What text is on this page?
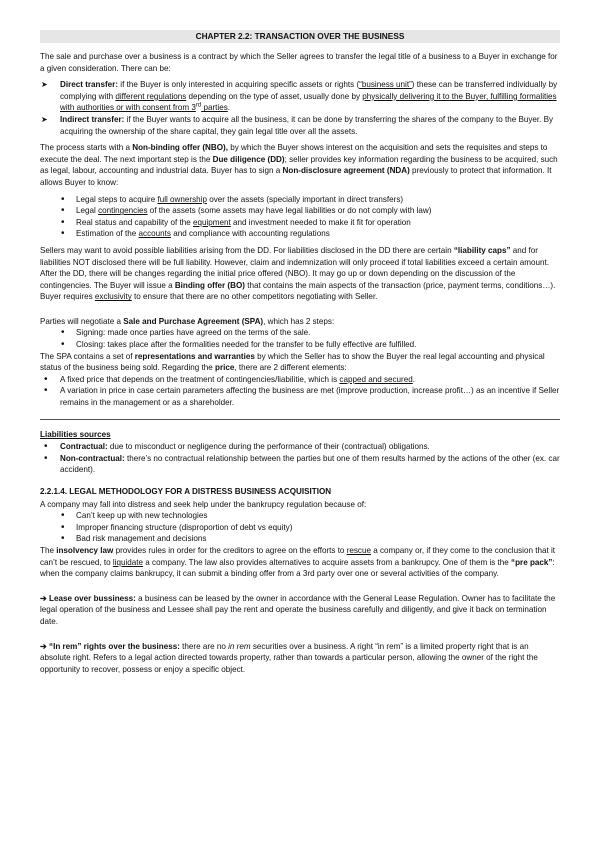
CHAPTER 2.2: TRANSACTION OVER THE BUSINESS

The sale and purchase over a business is a contract by which the Seller agrees to transfer the legal title of a business to a Buyer in exchange for a given consideration. There can be:

➤ Direct transfer: if the Buyer is only interested in acquiring specific assets or rights (“business unit”) these can be transferred individually by complying with different regulations depending on the type of asset, usually done by physically delivering it to the Buyer, fulfilling formalities with authorities or with consent from 3rd parties.
➤ Indirect transfer: if the Buyer wants to acquire all the business, it can be done by transferring the shares of the company to the Buyer. By acquiring the ownership of the share capital, they gain legal title over all the assets.

The process starts with a Non-binding offer (NBO), by which the Buyer shows interest on the acquisition and sets the requisites and steps to execute the deal. The next important step is the Due diligence (DD); seller provides key information regarding the business to be acquired, such as legal, labour, accounting and industrial data. Buyer has to sign a Non-disclosure agreement (NDA) previously to protect that information. It allows Buyer to know:

• Legal steps to acquire full ownership over the assets (specially important in direct transfers)
• Legal contingencies of the assets (some assets may have legal liabilities or do not comply with law)
• Real status and capability of the equipment and investment needed to make it fit for operation
• Estimation of the accounts and compliance with accounting regulations

Sellers may want to avoid possible liabilities arising from the DD. For liabilities disclosed in the DD there are certain “liability caps” and for liabilities NOT disclosed there will be full liability. However, claim and indemnization will only proceed if total liabilities exceed a certain amount. After the DD, there will be changes regarding the initial price offered (NBO). It may go up or down depending on the discussion of the contingencies. The Buyer will issue a Binding offer (BO) that contains the main aspects of the transaction (price, payment terms, conditions…). Buyer requires exclusivity to ensure that there are no other competitors negotiating with Seller.

Parties will negotiate a Sale and Purchase Agreement (SPA), which has 2 steps:

• Signing: made once parties have agreed on the terms of the sale.
• Closing: takes place after the formalities needed for the transfer to be fully effective are fulfilled.

The SPA contains a set of representations and warranties by which the Seller has to show the Buyer the real legal accounting and physical status of the business being sold. Regarding the price, there are 2 different elements:

• A fixed price that depends on the treatment of contingencies/liabilitie, which is capped and secured.
• A variation in price in case certain parameters affecting the business are met (improve production, increase profit…) as an incentive if Seller remains in the management or as a shareholder.
Liabilities sources
• Contractual: due to misconduct or negligence during the performance of their (contractual) obligations.
• Non-contractual: there’s no contractual relationship between the parties but one of them results harmed by the actions of the other (ex. car accident).
2.2.1.4. LEGAL METHODOLOGY FOR A DISTRESS BUSINESS ACQUISITION

A company may fall into distress and seek help under the bankrupcy regulation because of:

• Can’t keep up with new technologies
• Improper financing structure (disproportion of debt vs equity)
• Bad risk management and decisions

The insolvency law provides rules in order for the creditors to agree on the efforts to rescue a company or, if they come to the conclusion that it can’t be rescued, to liquidate a company. The law also provides alternatives to acquire assets from a bankrupcy. One of them is the “pre pack”: when the company claims bankrupcy, it can submit a binding offer from a 3rd party over one or several activities of the company.

➔ Lease over bussiness: a business can be leased by the owner in accordance with the General Lease Regulation. Owner has to facilitate the legal operation of the business and Lessee shall pay the rent and operate the business carefully and diligently, and give it back on termination date.

➔ “In rem” rights over the business: there are no in rem securities over a business. A right “in rem” is a limited property right that is an absolute right. Refers to a legal action directed towards property, rather than towards a particular person, allowing the owner of the right the opportunity to recover, possess or enjoy a specific object.
